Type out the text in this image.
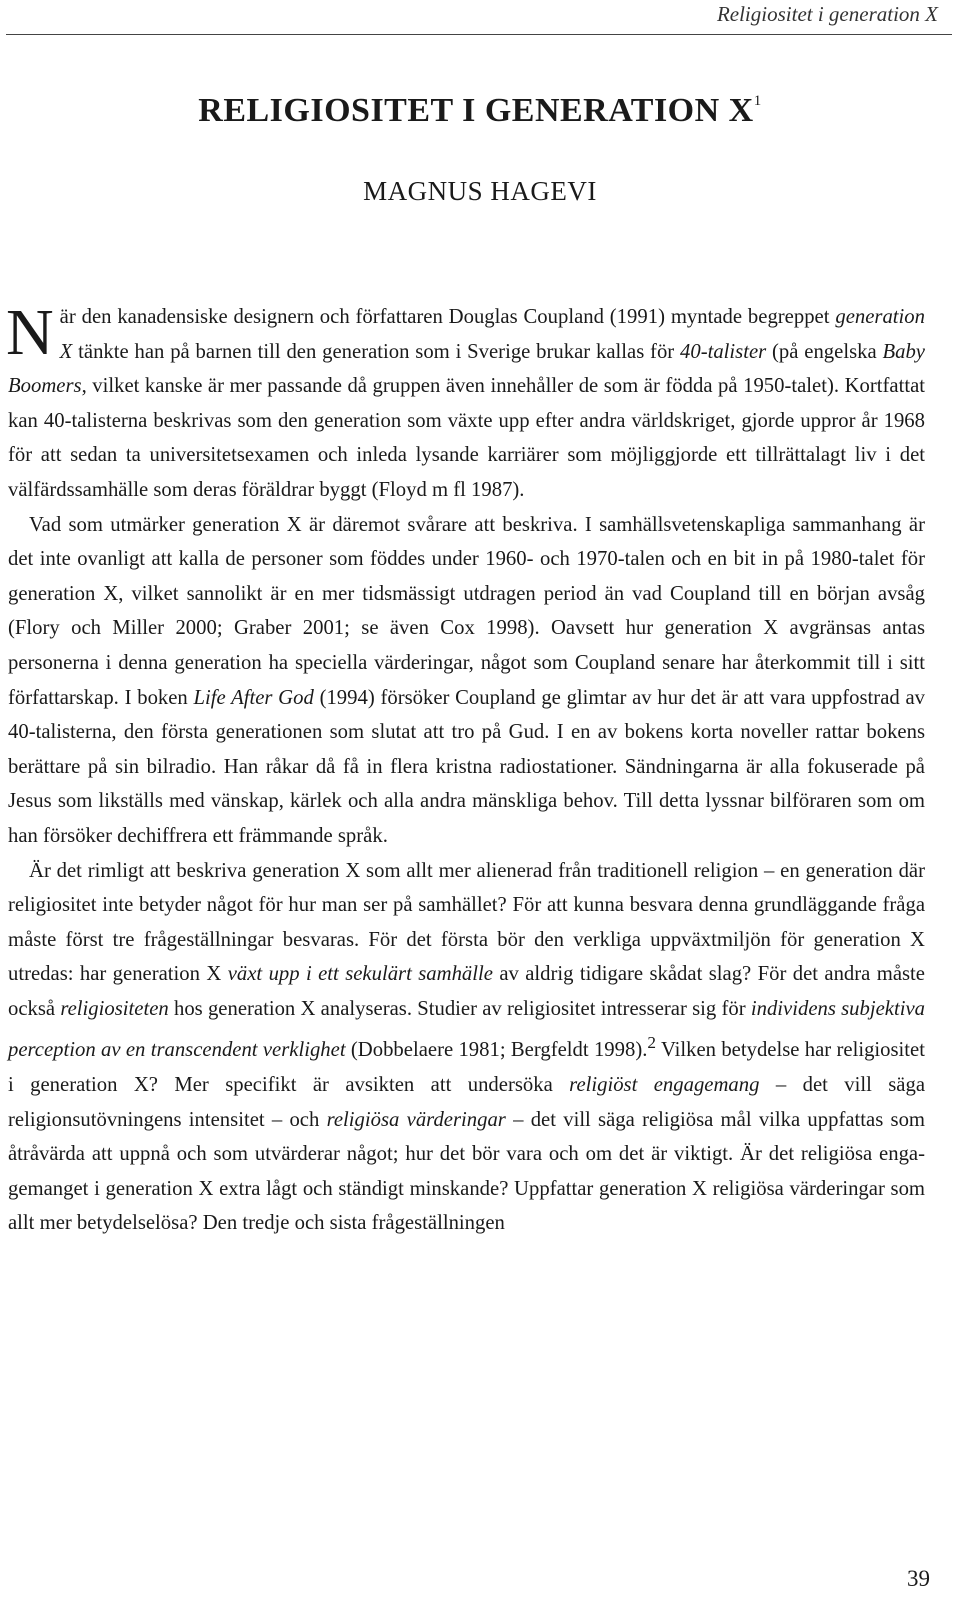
Religiositet i generation X
RELIGIOSITET I GENERATION $X^1$
MAGNUS HAGEVI

När den kanadensiske designern och författaren Douglas Coupland (1991) myntade begreppet generation X tänkte han på barnen till den generation som i Sverige brukar kallas för 40-talister (på engelska Baby Boomers, vilket kanske är mer passande då gruppen även innehåller de som är födda på 1950-talet). Kortfattat kan 40-talisterna beskrivas som den generation som växte upp efter andra världskriget, gjorde uppror år 1968 för att sedan ta universitetsexamen och inleda lysande karriärer som möjliggjorde ett tillrättalagt liv i det välfärdssamhälle som deras föräldrar byggt (Floyd m fl 1987).

Vad som utmärker generation X är däremot svårare att beskriva. I samhällsvetenskapliga sammanhang är det inte ovanligt att kalla de personer som föddes under 1960- och 1970-talen och en bit in på 1980-talet för generation X, vilket sannolikt är en mer tidsmässigt utdragen period än vad Coupland till en början avsåg (Flory och Miller 2000; Graber 2001; se även Cox 1998). Oavsett hur generation X avgränsas antas personerna i denna generation ha speciella värderingar, något som Coupland senare har återkommit till i sitt författarskap. I boken Life After God (1994) försöker Coupland ge glimtar av hur det är att vara uppfostrad av 40-talisterna, den första generationen som slutat att tro på Gud. I en av bokens korta noveller rattar bokens berättare på sin bilradio. Han råkar då få in flera kristna radiostationer. Sändningarna är alla fokuserade på Jesus som likställs med vänskap, kärlek och alla andra mänskliga behov. Till detta lyssnar bilföraren som om han försöker dechiffrera ett främmande språk.

Är det rimligt att beskriva generation X som allt mer alienerad från traditionell religion – en generation där religiositet inte betyder något för hur man ser på samhället? För att kunna besvara denna grundläggande fråga måste först tre frågeställningar besvaras. För det första bör den verkliga uppväxtmiljön för generation X utredas: har generation X växt upp i ett sekulärt samhälle av aldrig tidigare skådat slag? För det andra måste också religiositeten hos generation X analyseras. Studier av religiositet intresserar sig för individens subjektiva perception av en transcendent verklighet (Dobbelaere 1981; Bergfeldt 1998).$^2$ Vilken betydelse har religiositet i generation X? Mer specifikt är avsikten att undersöka religiöst engagemang – det vill säga religionsutövningens intensitet – och religiösa värderingar – det vill säga religiösa mål vilka uppfattas som åtråvärda att uppnå och som utvärderar något; hur det bör vara och om det är viktigt. Är det religiösa engagemanget i generation X extra lågt och ständigt minskande? Uppfattar generation X religiösa värderingar som allt mer betydelselösa? Den tredje och sista frågeställningen

39
